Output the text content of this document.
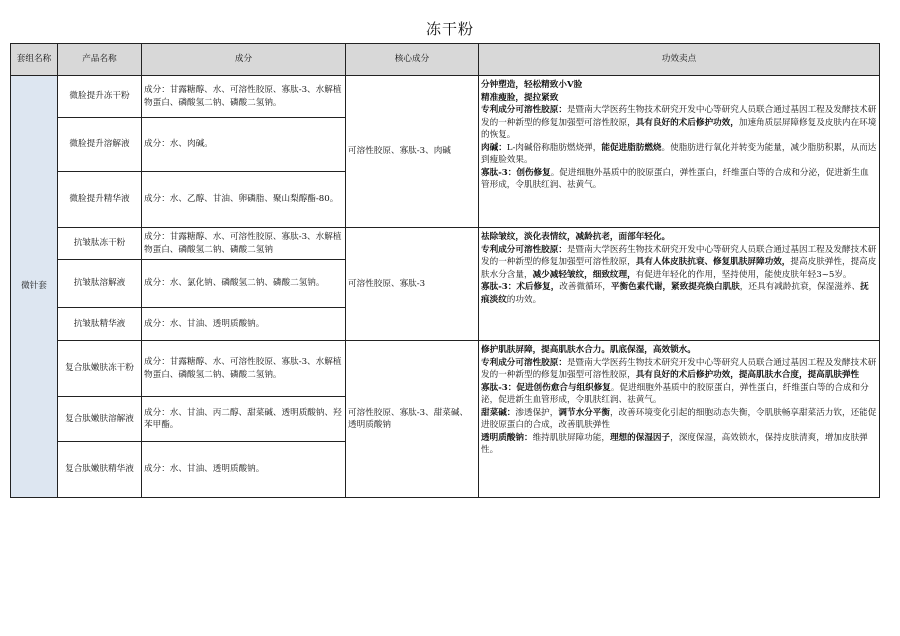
冻干粉
套组名称	产品名称	成分	核心成分	功效卖点
微针套	微脸提升冻干粉	成分：甘露糖醇、水、可溶性胶原、寡肽-3、水解植物蛋白、磷酸氢二钠、磷酸二氢钠。	可溶性胶原、寡肽-3、肉碱	分钟塑造，轻松精致小V脸
精准瘦脸，提拉紧致
专利成分可溶性胶原：是暨南大学医药生物技术研究开发中心等研究人员联合通过基因工程及发酵技术研发的一种新型的修复加强型可溶性胶原，具有良好的术后修护功效，加速角质层屏障修复及皮肤内在环境的恢复。
肉碱：L-肉碱俗称脂肪燃烧弹，能促进脂肪燃烧。使脂肪进行氧化并转变为能量，减少脂肪积累，从而达到瘦脸效果。
寡肽-3：创伤修复。促进细胞外基质中的胶原蛋白，弹性蛋白，纤维蛋白等的合成和分泌，促进新生血管形成，令肌肤红润、祛黄气。

	微脸提升溶解液	成分：水、肉碱。		
	微脸提升精华液	成分：水、乙醇、甘油、卵磷脂、聚山梨醇酯-80。		
	抗皱肽冻干粉	成分：甘露糖醇、水、可溶性胶原、寡肽-3、水解植物蛋白、磷酸氢二钠、磷酸二氢钠	可溶性胶原、寡肽-3	祛除皱纹，淡化表情纹，减龄抗老，面部年轻化。
专利成分可溶性胶原：是暨南大学医药生物技术研究开发中心等研究人员联合通过基因工程及发酵技术研发的一种新型的修复加强型可溶性胶原，具有人体皮肤抗衰、修复肌肤屏障功效，提高皮肤弹性，提高皮肤水分含量，减少减轻皱纹，细致纹理，有促进年轻化的作用，坚持使用，能使皮肤年轻3~5岁。
寡肽-3：术后修复，改善微循环，平衡色素代谢，紧致提亮焕白肌肤，还具有减龄抗衰，保湿滋养、抚痕淡纹的功效。

	抗皱肽溶解液	成分：水、氯化钠、磷酸氢二钠、磷酸二氢钠。		
	抗皱肽精华液	成分：水、甘油、透明质酸钠。		
	复合肽嫩肤冻干粉	成分：甘露糖醇、水、可溶性胶原、寡肽-3、水解植物蛋白、磷酸氢二钠、磷酸二氢钠。	可溶性胶原、寡肽-3、甜菜碱、透明质酸钠	修护肌肤屏障，提高肌肤水合力。肌底保湿，高效锁水。
专利成分可溶性胶原：是暨南大学医药生物技术研究开发中心等研究人员联合通过基因工程及发酵技术研发的一种新型的修复加强型可溶性胶原，具有良好的术后修护功效，提高肌肤水合度，提高肌肤弹性
寡肽-3：促进创伤愈合与组织修复。促进细胞外基质中的胶原蛋白，弹性蛋白，纤维蛋白等的合成和分泌，促进新生血管形成，令肌肤红润、祛黄气。
甜菜碱：渗透保护，调节水分平衡，改善环境变化引起的细胞动态失衡，令肌肤畅享甜菜活力钦，还能促进胶原蛋白的合成，改善肌肤弹性
透明质酸钠：维持肌肤屏障功能，理想的保湿因子，深度保湿，高效锁水，保持皮肤清爽，增加皮肤弹性。

	复合肽嫩肤溶解液	成分：水、甘油、丙二醇、甜菜碱、透明质酸钠、羟苯甲酯。		
	复合肽嫩肤精华液	成分：水、甘油、透明质酸钠。		
